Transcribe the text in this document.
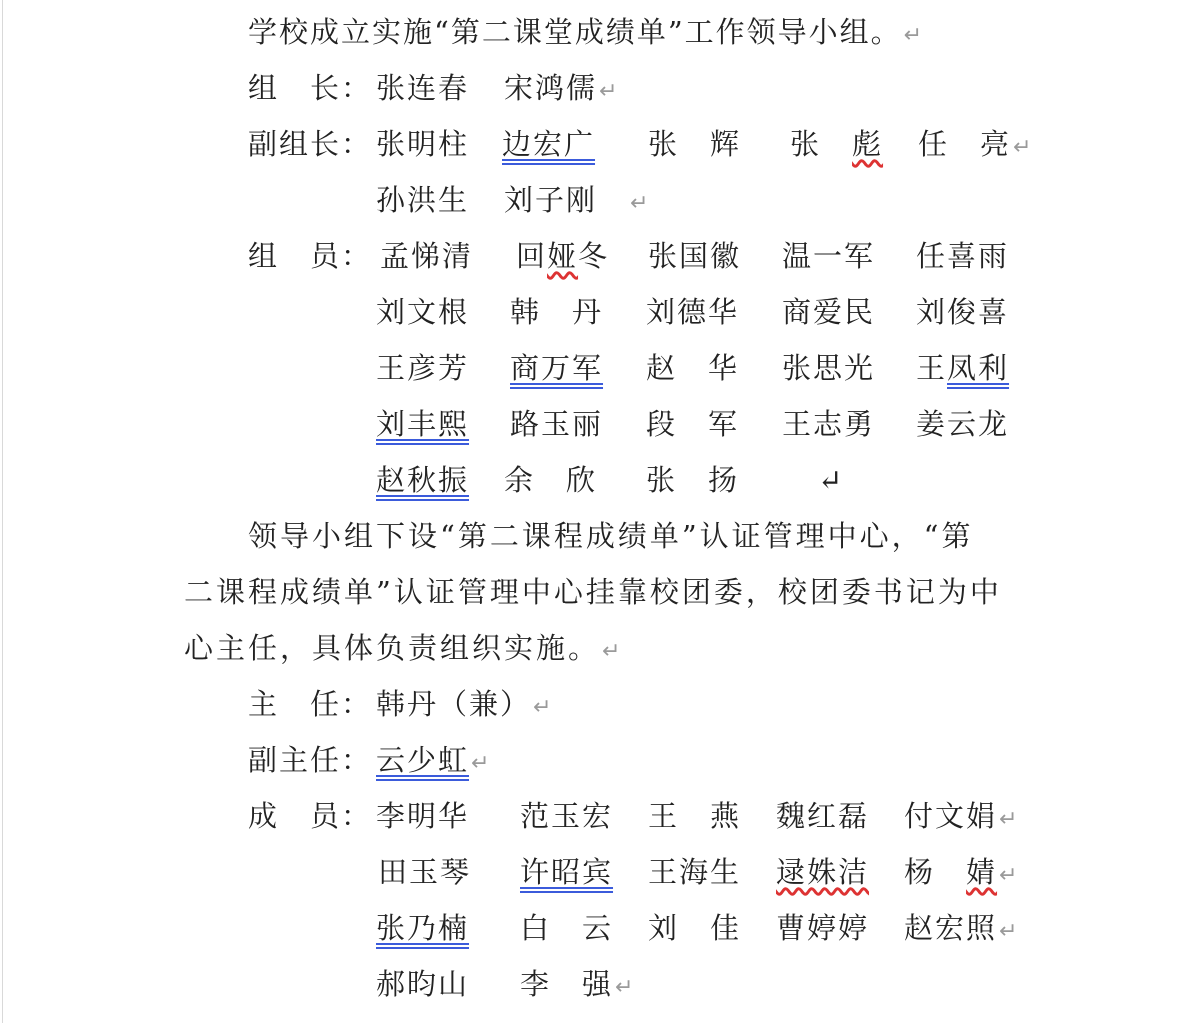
学校成立实施“第二课堂成绩单”工作领导小组。↵
组　长： 张连春 宋鸿儒↵
副组长： 张明柱 边宏广 张　辉 张　 彪 任　亮↵
孙洪生 刘子刚　 ↵
组　员： 孟悌清 回娅冬 张国徽 温一军 任喜雨
刘文根 韩　丹 刘德华 商爱民 刘俊喜
王彦芳 商万军 赵　华 张思光 王凤利
刘丰熙 路玉丽 段　军 王志勇 姜云龙
赵秋振 余　欣 张　扬	↵
领导小组下设“第二课程成绩单”认证管理中心，“第
二课程成绩单”认证管理中心挂靠校团委，校团委书记为中
心主任，具体负责组织实施。↵
主　任： 韩丹（兼）↵
副主任： 云少虹↵
成　员： 李明华 范玉宏 王　燕 魏红磊 付文娟↵
田玉琴 许昭宾 王海生 逯姝洁 杨　 婧↵
张乃楠 白　云 刘　佳 曹婷婷 赵宏照↵
郝昀山 李　强↵
